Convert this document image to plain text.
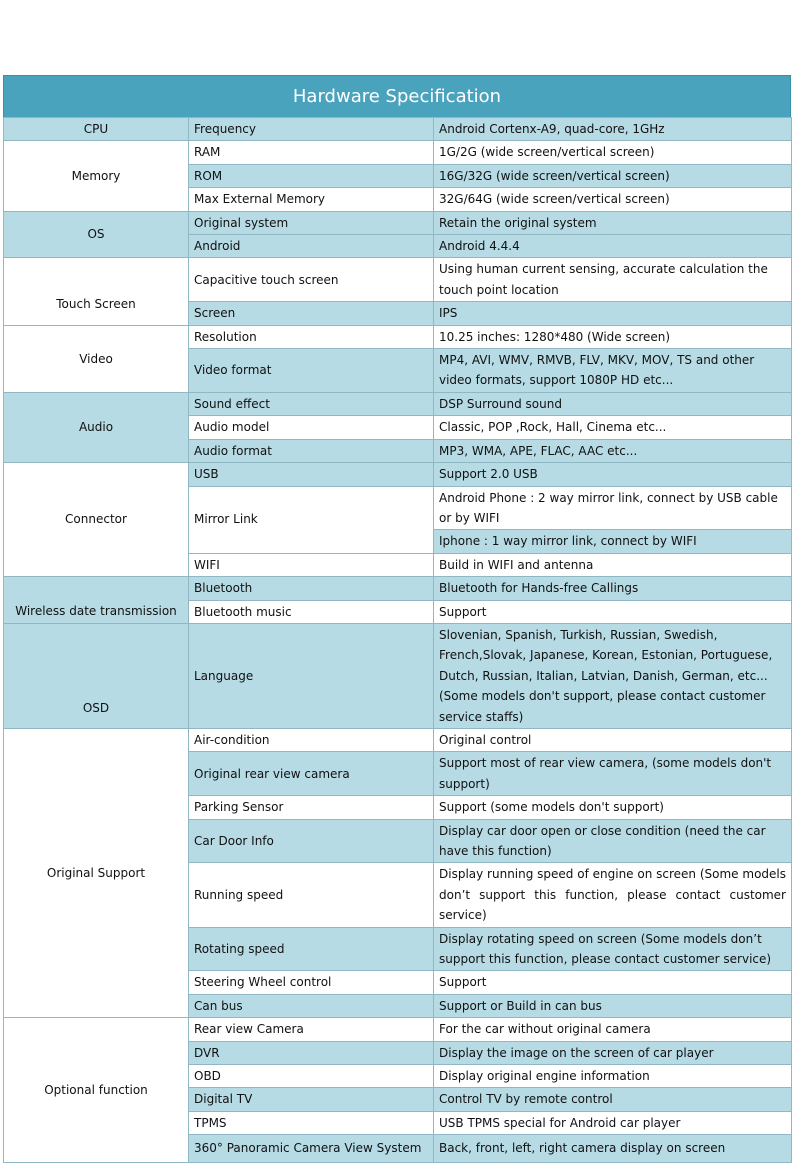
Hardware Specification
CPU	Frequency	Android Cortenx-A9, quad-core, 1GHz
Memory	RAM	1G/2G (wide screen/vertical screen)
	ROM	16G/32G (wide screen/vertical screen)
	Max External Memory	32G/64G (wide screen/vertical screen)
OS	Original system	Retain the original system
	Android	Android 4.4.4
Touch Screen	Capacitive touch screen	Using human current sensing, accurate calculation the touch point location
	Screen	IPS
Video	Resolution	10.25 inches: 1280*480 (Wide screen)
	Video format	MP4, AVI, WMV, RMVB, FLV, MKV, MOV, TS and other video formats, support 1080P HD etc...
Audio	Sound effect	DSP Surround sound
	Audio model	Classic, POP ,Rock, Hall, Cinema etc...
	Audio format	MP3, WMA, APE, FLAC, AAC etc...
Connector	USB	Support 2.0 USB
	Mirror Link	Android Phone : 2 way mirror link, connect by USB cable or by WIFI
		Iphone : 1 way mirror link, connect by WIFI
	WIFI	Build in WIFI and antenna
Wireless date transmission	Bluetooth	Bluetooth for Hands-free Callings
	Bluetooth music	Support
OSD	Language	Slovenian, Spanish, Turkish, Russian, Swedish, French,Slovak, Japanese, Korean, Estonian, Portuguese, Dutch, Russian, Italian, Latvian, Danish, German, etc...(Some models don't support, please contact customer service staffs)
Original Support	Air-condition	Original control
	Original rear view camera	Support most of rear view camera, (some models don't support)
	Parking Sensor	Support (some models don't support)
	Car Door Info	Display car door open or close condition (need the car have this function)
	Running speed	Display running speed of engine on screen (Some models don’t support this function, please contact customer service)
	Rotating speed	Display rotating speed on screen (Some models don’t support this function, please contact customer service)
	Steering Wheel control	Support
	Can bus	Support or Build in can bus
Optional function	Rear view Camera	For the car without original camera
	DVR	Display the image on the screen of car player
	OBD	Display original engine information
	Digital TV	Control TV by remote control
	TPMS	USB TPMS special for Android car player
	360° Panoramic Camera View System	Back, front, left, right camera display on screen
